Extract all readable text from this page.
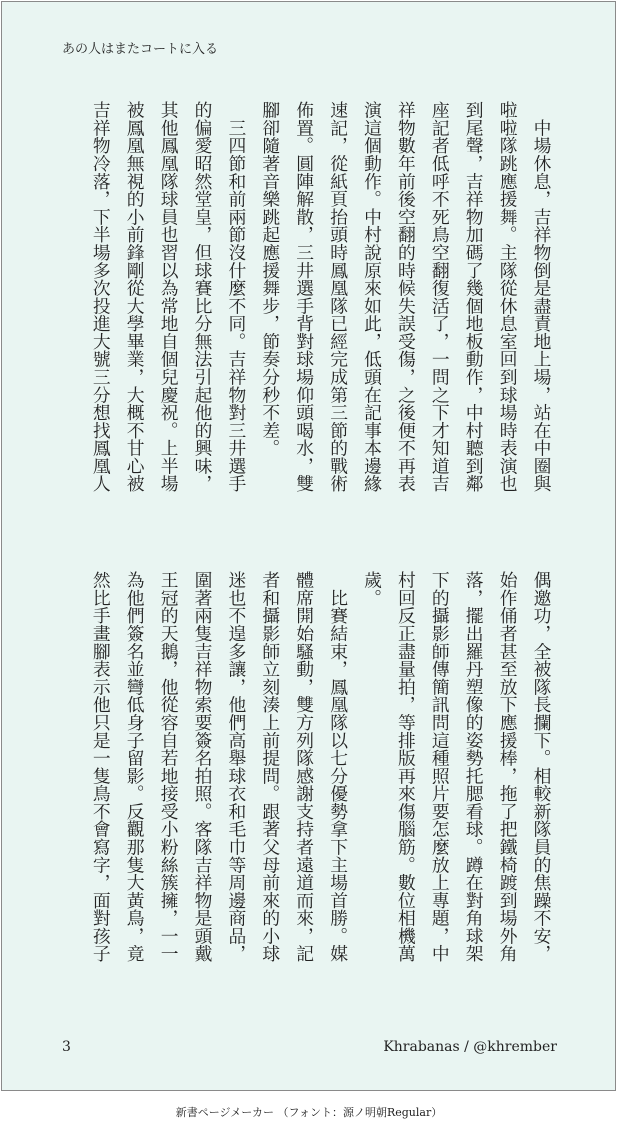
あの人はまたコートに入る
　中場休息，吉祥物倒是盡責地上場，站在中圈與
啦啦隊跳應援舞。主隊從休息室回到球場時表演也
到尾聲，吉祥物加碼了幾個地板動作，中村聽到鄰
座記者低呼不死鳥空翻復活了，一問之下才知道吉
祥物數年前後空翻的時候失誤受傷，之後便不再表
演這個動作。中村說原來如此，低頭在記事本邊緣
速記，從紙頁抬頭時鳳凰隊已經完成第三節的戰術
佈置。圓陣解散，三井選手背對球場仰頭喝水，雙
腳卻隨著音樂跳起應援舞步，節奏分秒不差。
　三四節和前兩節沒什麼不同。吉祥物對三井選手
的偏愛昭然堂皇，但球賽比分無法引起他的興味，
其他鳳凰隊球員也習以為常地自個兒慶祝。上半場
被鳳凰無視的小前鋒剛從大學畢業，大概不甘心被
吉祥物冷落，下半場多次投進大號三分想找鳳凰人
偶邀功，全被隊長攔下。相較新隊員的焦躁不安，
始作俑者甚至放下應援棒，拖了把鐵椅踱到場外角
落，擺出羅丹塑像的姿勢托腮看球。蹲在對角球架
下的攝影師傳簡訊問這種照片要怎麼放上專題，中
村回反正盡量拍，等排版再來傷腦筋。數位相機萬
歲。
　比賽結束，鳳凰隊以七分優勢拿下主場首勝。媒
體席開始騷動，雙方列隊感謝支持者遠道而來，記
者和攝影師立刻湊上前提問。跟著父母前來的小球
迷也不遑多讓，他們高舉球衣和毛巾等周邊商品，
圍著兩隻吉祥物索要簽名拍照。客隊吉祥物是頭戴
王冠的天鵝，他從容自若地接受小粉絲簇擁，一一
為他們簽名並彎低身子留影。反觀那隻大黃鳥，竟
然比手畫腳表示他只是一隻鳥不會寫字，面對孩子
3	Khrabanas / @khrember
新書ページメーカー （フォント：源ノ明朝Regular）
